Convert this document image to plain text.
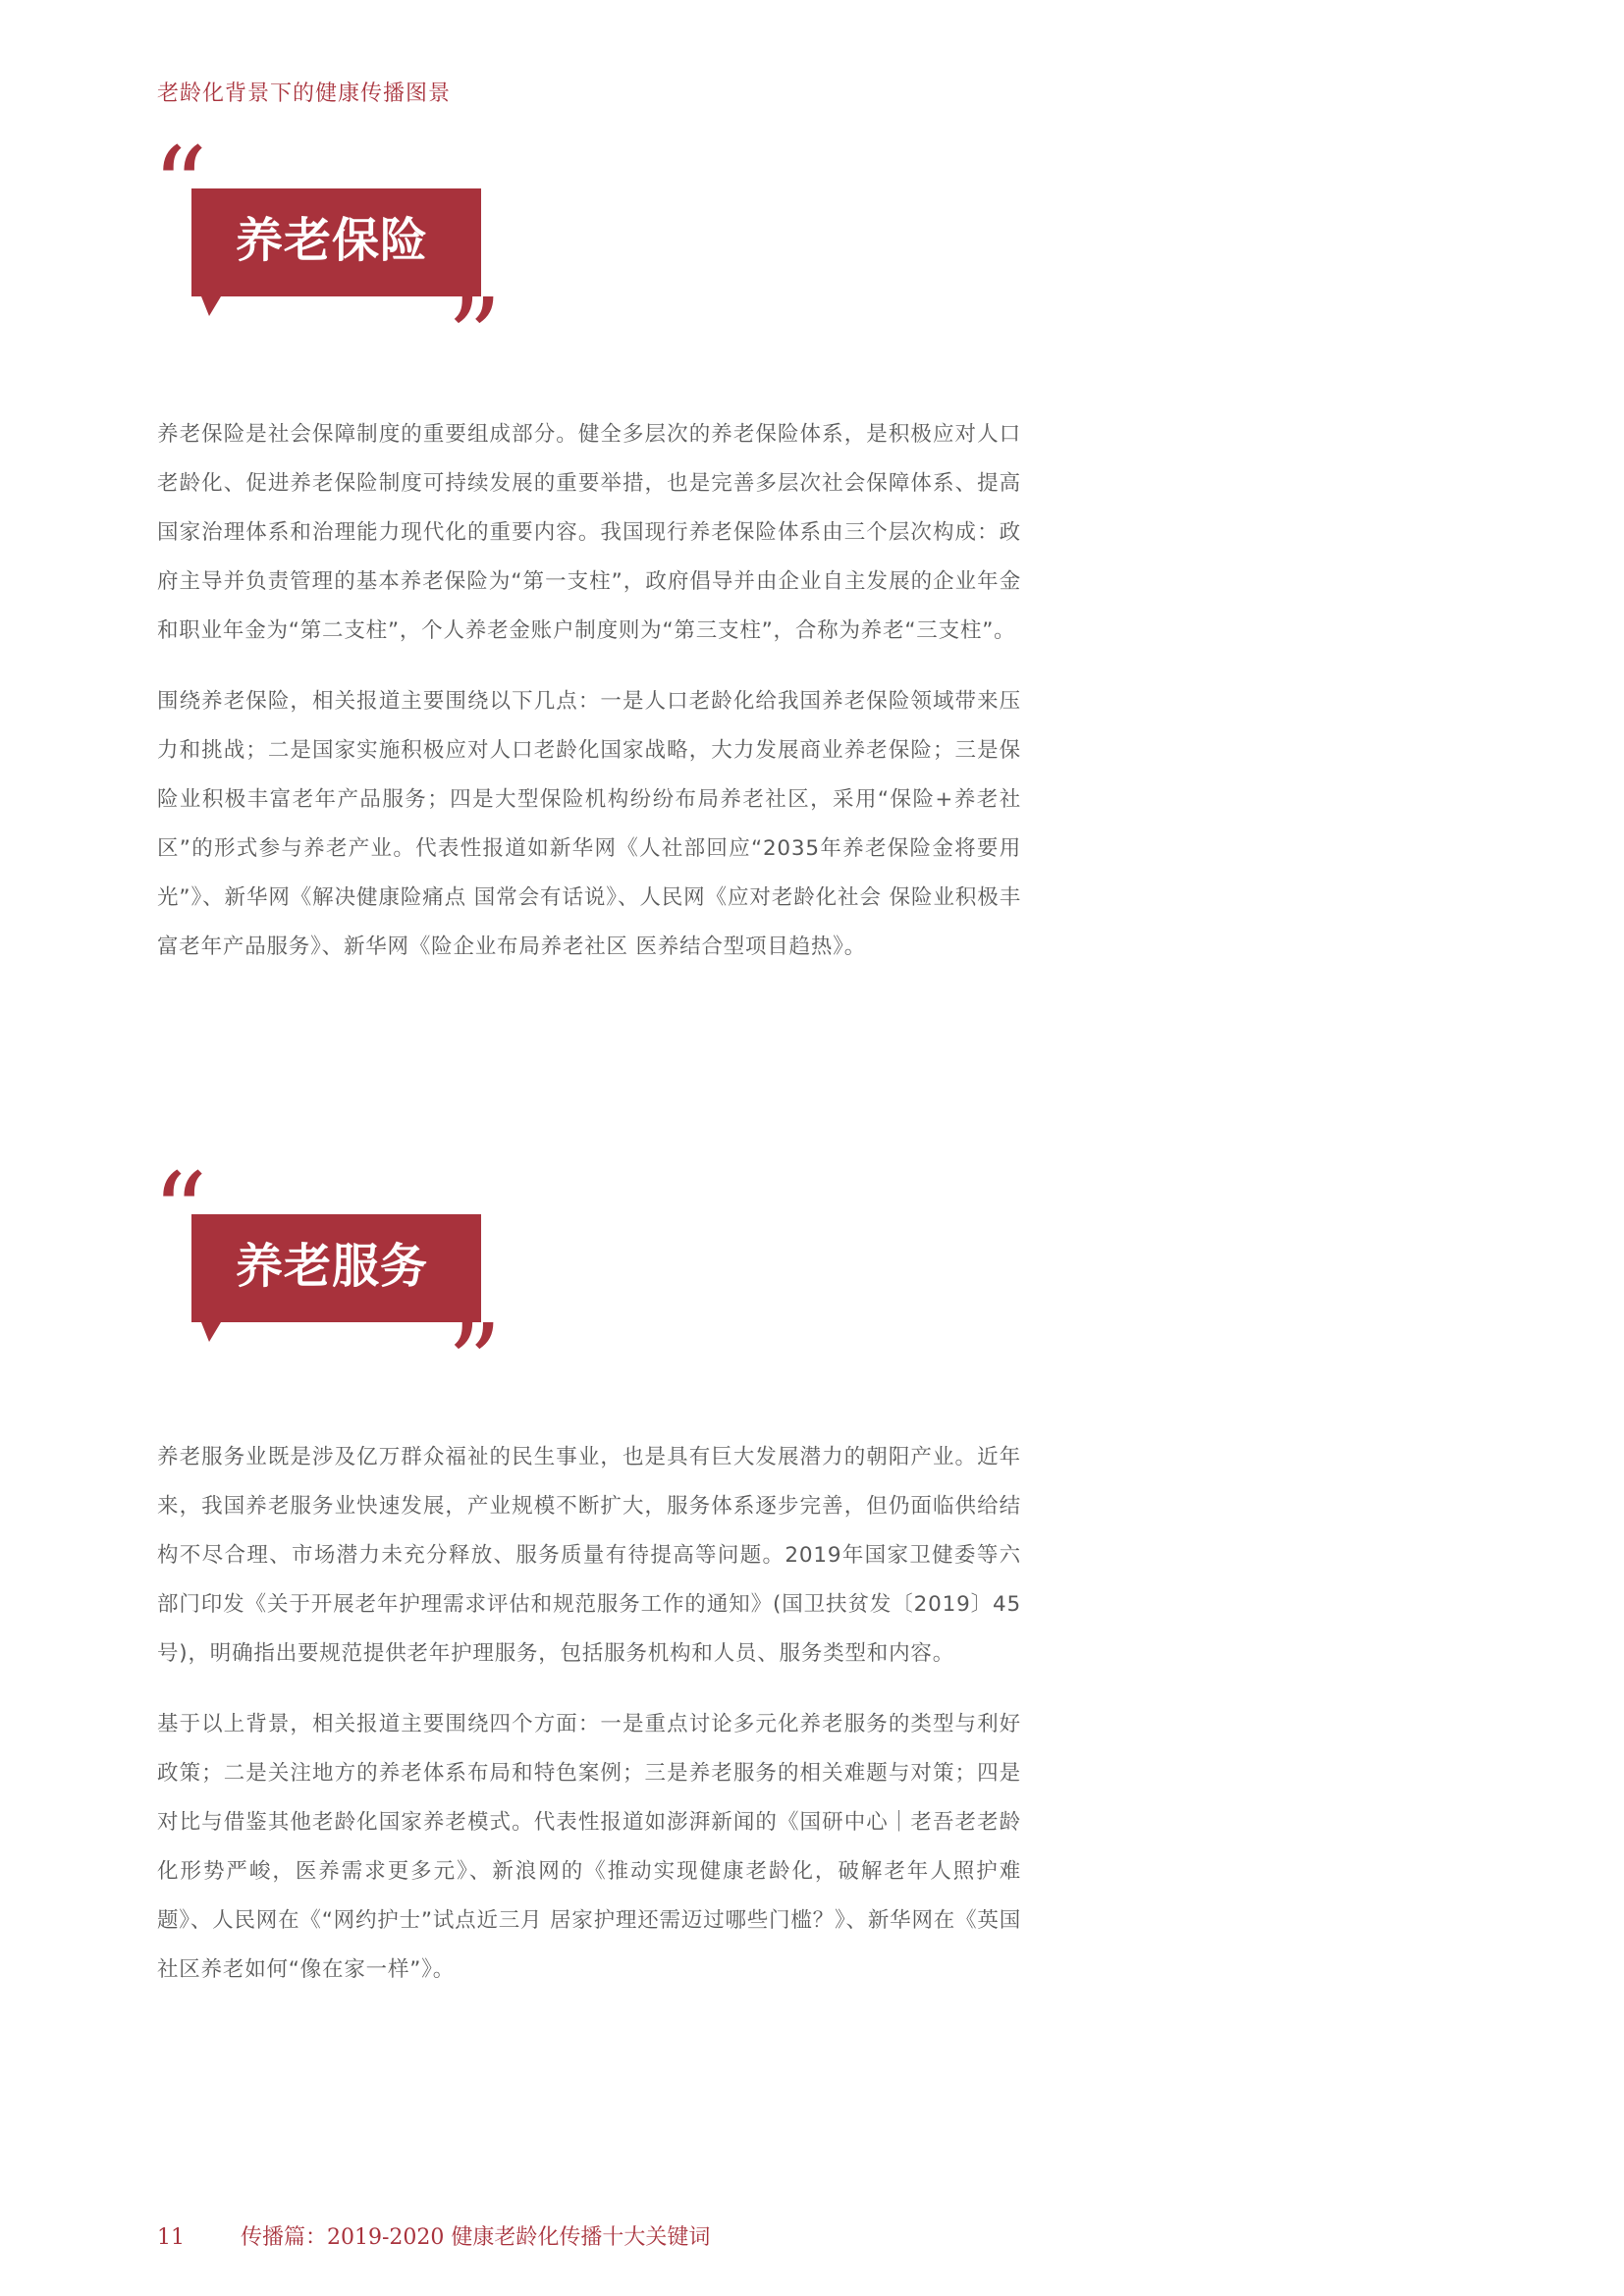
老龄化背景下的健康传播图景
“
”
养老保险

养老保险是社会保障制度的重要组成部分。健全多层次的养老保险体系，是积极应对人口老龄化、促进养老保险制度可持续发展的重要举措，也是完善多层次社会保障体系、提高国家治理体系和治理能力现代化的重要内容。我国现行养老保险体系由三个层次构成：政府主导并负责管理的基本养老保险为“第一支柱”，政府倡导并由企业自主发展的企业年金和职业年金为“第二支柱”，个人养老金账户制度则为“第三支柱”，合称为养老“三支柱”。

围绕养老保险，相关报道主要围绕以下几点：一是人口老龄化给我国养老保险领域带来压力和挑战；二是国家实施积极应对人口老龄化国家战略，大力发展商业养老保险；三是保险业积极丰富老年产品服务；四是大型保险机构纷纷布局养老社区，采用“保险+养老社区”的形式参与养老产业。代表性报道如新华网《人社部回应“2035年养老保险金将要用光”》、新华网《解决健康险痛点 国常会有话说》、人民网《应对老龄化社会 保险业积极丰富老年产品服务》、新华网《险企业布局养老社区 医养结合型项目趋热》。

“
”
养老服务

养老服务业既是涉及亿万群众福祉的民生事业，也是具有巨大发展潜力的朝阳产业。近年来，我国养老服务业快速发展，产业规模不断扩大，服务体系逐步完善，但仍面临供给结构不尽合理、市场潜力未充分释放、服务质量有待提高等问题。2019年国家卫健委等六部门印发《关于开展老年护理需求评估和规范服务工作的通知》(国卫扶贫发〔2019〕45号)，明确指出要规范提供老年护理服务，包括服务机构和人员、服务类型和内容。

基于以上背景，相关报道主要围绕四个方面：一是重点讨论多元化养老服务的类型与利好政策；二是关注地方的养老体系布局和特色案例；三是养老服务的相关难题与对策；四是对比与借鉴其他老龄化国家养老模式。代表性报道如澎湃新闻的《国研中心｜老吾老老龄化形势严峻，医养需求更多元》、新浪网的《推动实现健康老龄化，破解老年人照护难题》、人民网在《“网约护士”试点近三月 居家护理还需迈过哪些门槛？》、新华网在《英国社区养老如何“像在家一样”》。

11	传播篇：2019-2020 健康老龄化传播十大关键词
